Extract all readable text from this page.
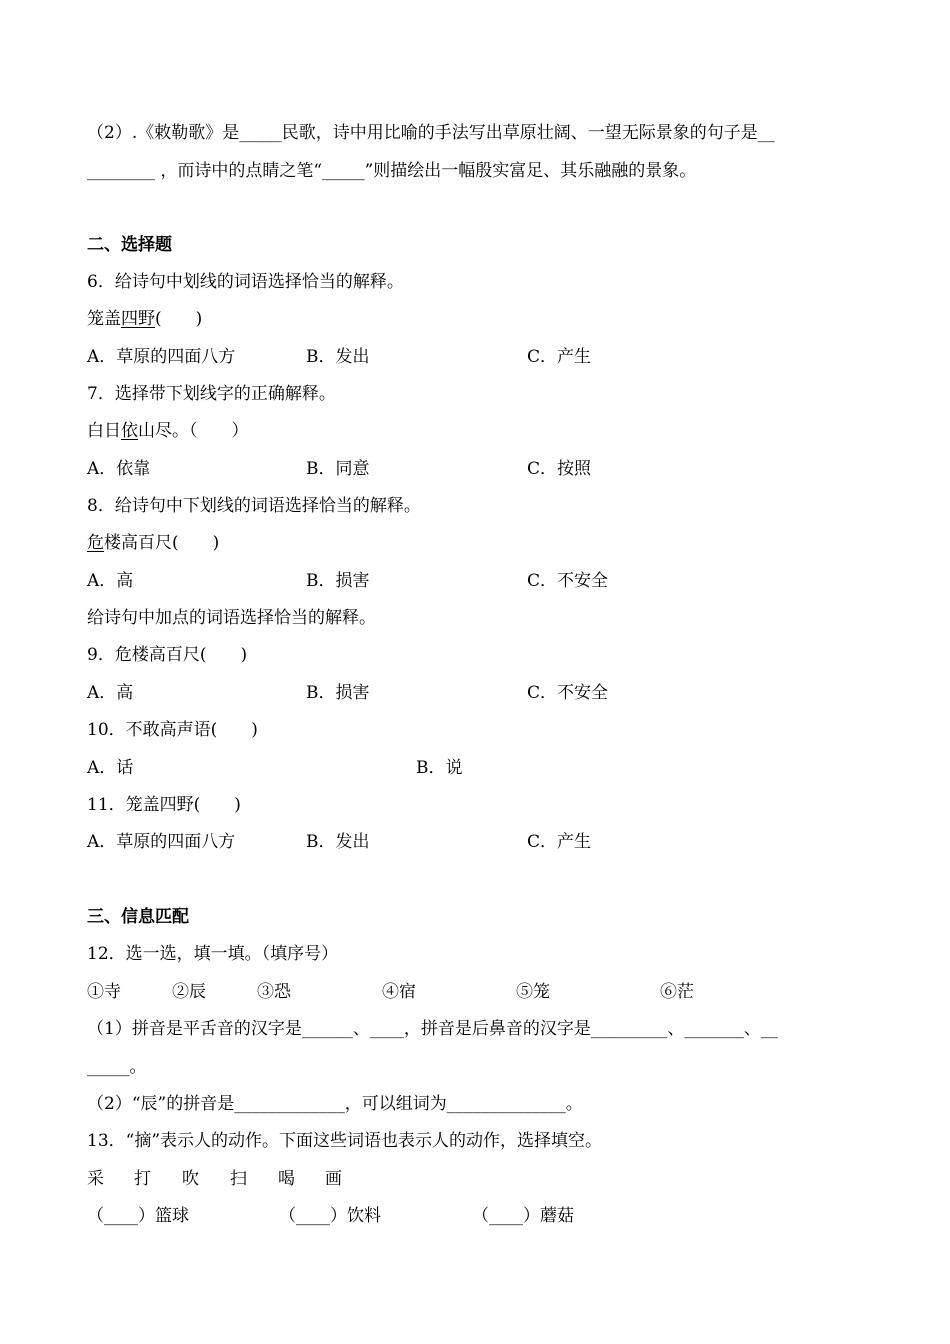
（2）.《敕勒歌》是_____民歌，诗中用比喻的手法写出草原壮阔、一望无际景象的句子是__
________ ，而诗中的点睛之笔“_____”则描绘出一幅殷实富足、其乐融融的景象。
二、选择题
6．给诗句中划线的词语选择恰当的解释。
笼盖四野(　　)
A．草原的四面八方	B．发出	C．产生
7．选择带下划线字的正确解释。
白日依山尽。（　　）
A．依靠	B．同意	C．按照
8．给诗句中下划线的词语选择恰当的解释。
危楼高百尺(　　)
A．高	B．损害	C．不安全
给诗句中加点的词语选择恰当的解释。
9．危楼高百尺(　　)
A．高	B．损害	C．不安全
10．不敢高声语(　　)
A．话	B．说
11．笼盖四野(　　)
A．草原的四面八方	B．发出	C．产生
三、信息匹配
12．选一选，填一填。（填序号）
①寺	②辰	③恐	④宿	⑤笼	⑥茫
（1）拼音是平舌音的汉字是______、____，拼音是后鼻音的汉字是_________、_______、__
_____。
（2）“辰”的拼音是_____________，可以组词为______________。
13．“摘”表示人的动作。下面这些词语也表示人的动作，选择填空。
采 打 吹 扫 喝 画
（____）篮球	（____）饮料	（____）蘑菇
